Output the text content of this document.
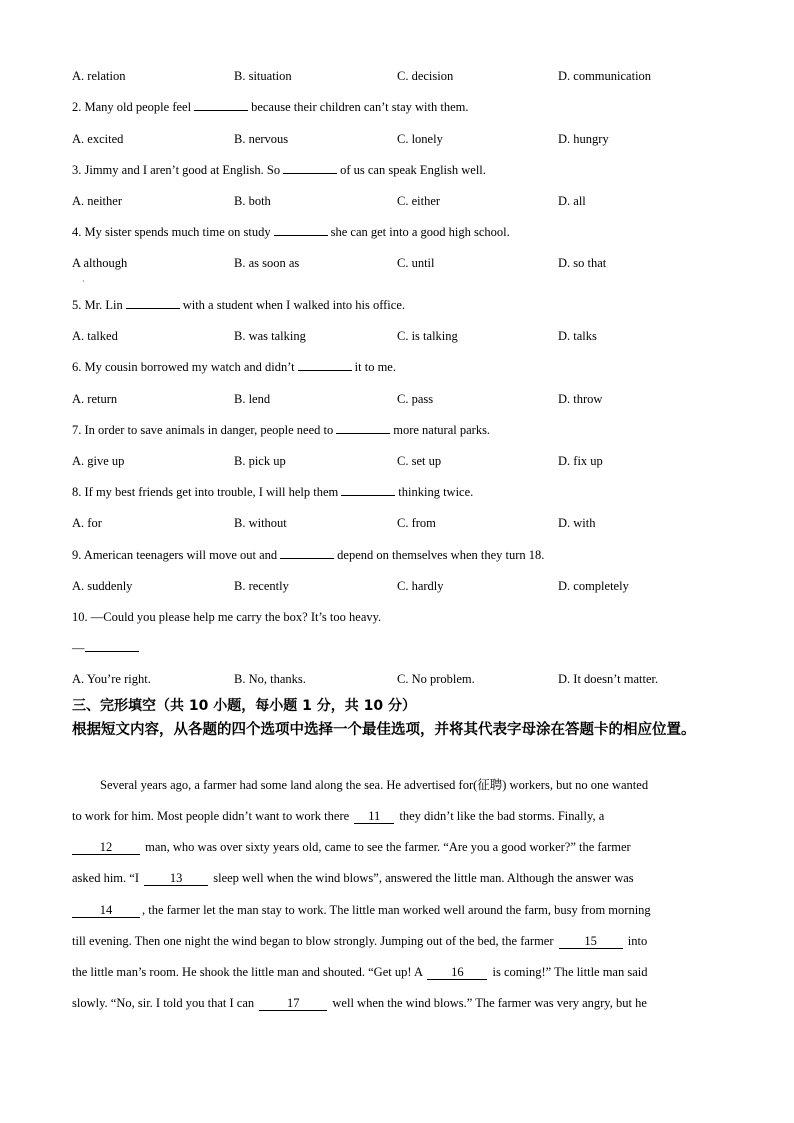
A. relation	B. situation	C. decision	D. communication
2. Many old people feel	because their children can’t stay with them.
A. excited	B. nervous	C. lonely	D. hungry
3. Jimmy and I aren’t good at English. So	of us can speak English well.
A. neither	B. both	C. either	D. all
4. My sister spends much time on study	she can get into a good high school.
A although	B. as soon as	C. until	D. so that
·
5. Mr. Lin	with a student when I walked into his office.
A. talked	B. was talking	C. is talking	D. talks
6. My cousin borrowed my watch and didn’t	it to me.
A. return	B. lend	C. pass	D. throw
7. In order to save animals in danger, people need to	more natural parks.
A. give up	B. pick up	C. set up	D. fix up
8. If my best friends get into trouble, I will help them	thinking twice.
A. for	B. without	C. from	D. with
9. American teenagers will move out and	depend on themselves when they turn 18.
A. suddenly	B. recently	C. hardly	D. completely
10. —Could you please help me carry the box? It’s too heavy.
—
A. You’re right.	B. No, thanks.	C. No problem.	D. It doesn’t matter.
三、完形填空（共 10 小题，每小题 1 分，共 10 分）
根据短文内容，从各题的四个选项中选择一个最佳选项，并将其代表字母涂在答题卡的相应位置。
Several years ago, a farmer had some land along the sea. He advertised for(征聘) workers, but no one wanted
to work for him. Most people didn’t want to work there 11 they didn’t like the bad storms. Finally, a
12	man, who was over sixty years old, came to see the farmer. “Are you a good worker?” the farmer
asked him. “I 13 sleep well when the wind blows”, answered the little man. Although the answer was
14 , the farmer let the man stay to work. The little man worked well around the farm, busy from morning
till evening. Then one night the wind began to blow strongly. Jumping out of the bed, the farmer 15 into
the little man’s room. He shook the little man and shouted. “Get up! A 16 is coming!” The little man said
slowly. “No, sir. I told you that I can	17	well when the wind blows.” The farmer was very angry, but he
